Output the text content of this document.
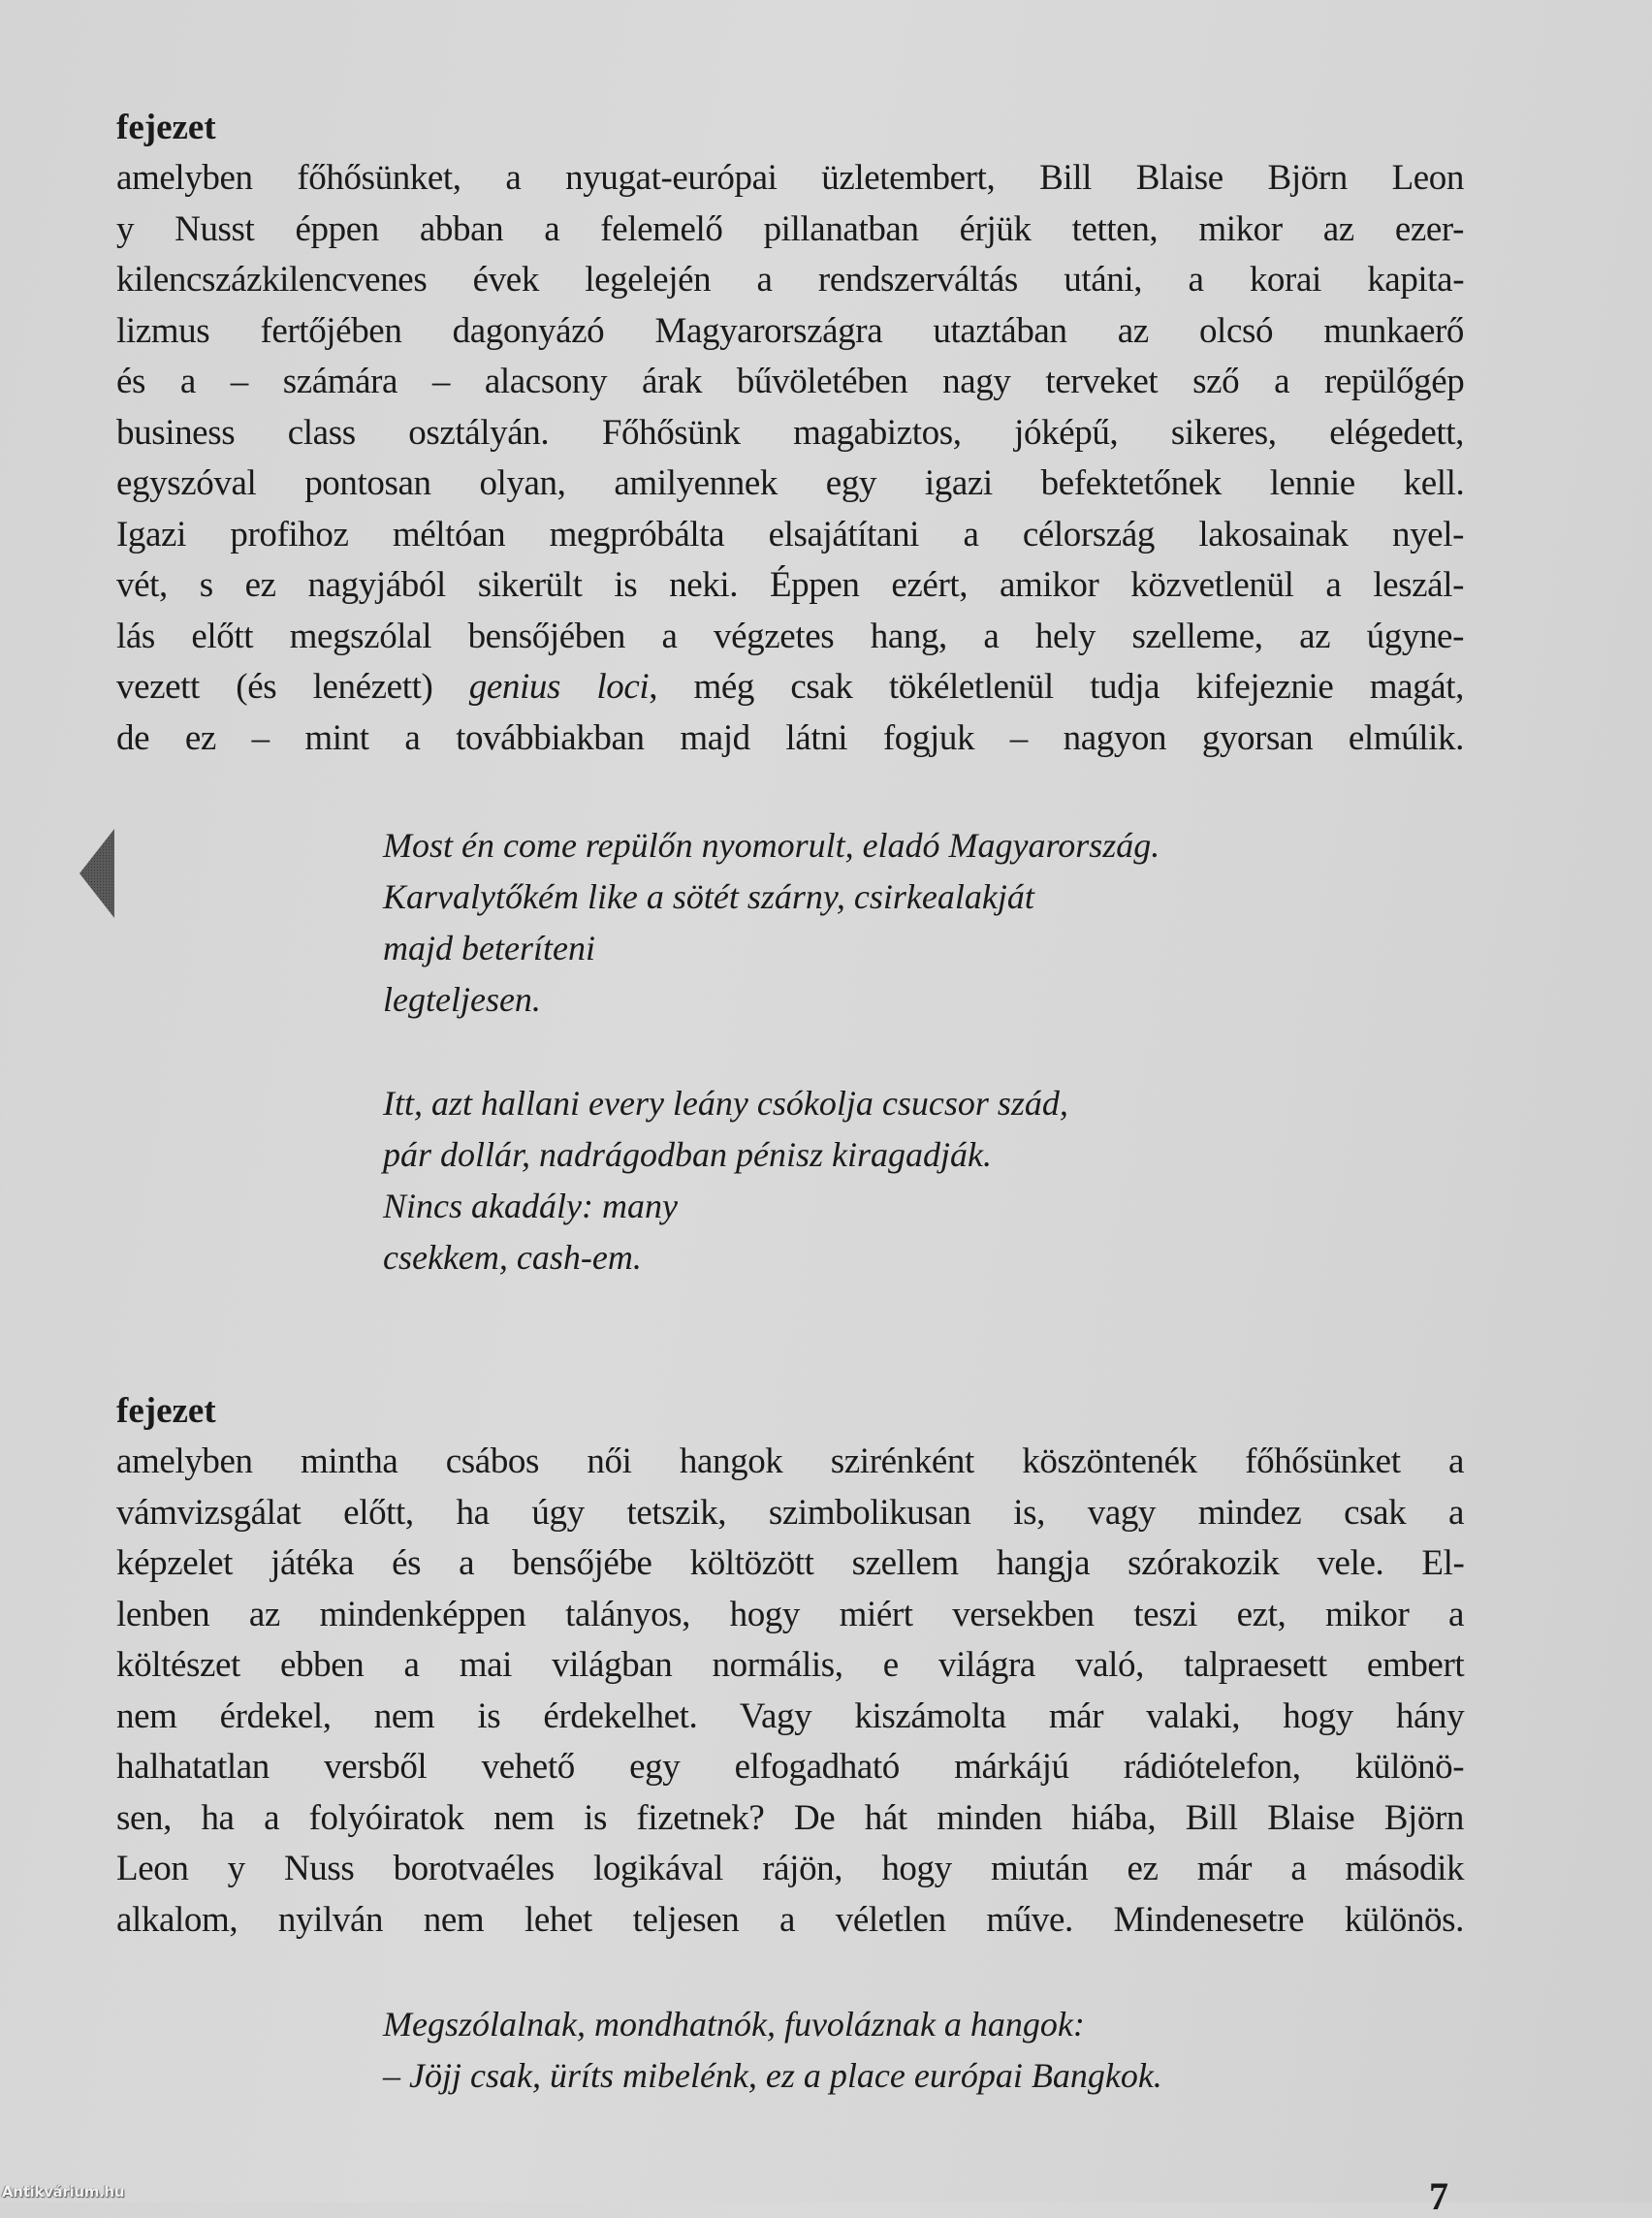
fejezet
amelyben főhősünket, a nyugat-európai üzletembert, Bill Blaise Björn Leon
y Nusst éppen abban a felemelő pillanatban érjük tetten, mikor az ezer-
kilencszázkilencvenes évek legelején a rendszerváltás utáni, a korai kapita-
lizmus fertőjében dagonyázó Magyarországra utaztában az olcsó munkaerő
és a – számára – alacsony árak bűvöletében nagy terveket sző a repülőgép
business class osztályán. Főhősünk magabiztos, jóképű, sikeres, elégedett,
egyszóval pontosan olyan, amilyennek egy igazi befektetőnek lennie kell.
Igazi profihoz méltóan megpróbálta elsajátítani a célország lakosainak nyel-
vét, s ez nagyjából sikerült is neki. Éppen ezért, amikor közvetlenül a leszál-
lás előtt megszólal bensőjében a végzetes hang, a hely szelleme, az úgyne-
vezett (és lenézett) genius loci, még csak tökéletlenül tudja kifejeznie magát,
de ez – mint a továbbiakban majd látni fogjuk – nagyon gyorsan elmúlik.
Most én come repülőn nyomorult, eladó Magyarország.
Karvalytőkém like a sötét szárny, csirkealakját
majd beteríteni
legteljesen.
Itt, azt hallani every leány csókolja csucsor szád,
pár dollár, nadrágodban pénisz kiragadják.
Nincs akadály: many
csekkem, cash-em.
fejezet
amelyben mintha csábos női hangok szirénként köszöntenék főhősünket a
vámvizsgálat előtt, ha úgy tetszik, szimbolikusan is, vagy mindez csak a
képzelet játéka és a bensőjébe költözött szellem hangja szórakozik vele. El-
lenben az mindenképpen talányos, hogy miért versekben teszi ezt, mikor a
költészet ebben a mai világban normális, e világra való, talpraesett embert
nem érdekel, nem is érdekelhet. Vagy kiszámolta már valaki, hogy hány
halhatatlan versből vehető egy elfogadható márkájú rádiótelefon, különö-
sen, ha a folyóiratok nem is fizetnek? De hát minden hiába, Bill Blaise Björn
Leon y Nuss borotvaéles logikával rájön, hogy miután ez már a második
alkalom, nyilván nem lehet teljesen a véletlen műve. Mindenesetre különös.
Megszólalnak, mondhatnók, fuvoláznak a hangok:
– Jöjj csak, üríts mibelénk, ez a place európai Bangkok.
7
Antikvárium.hu
